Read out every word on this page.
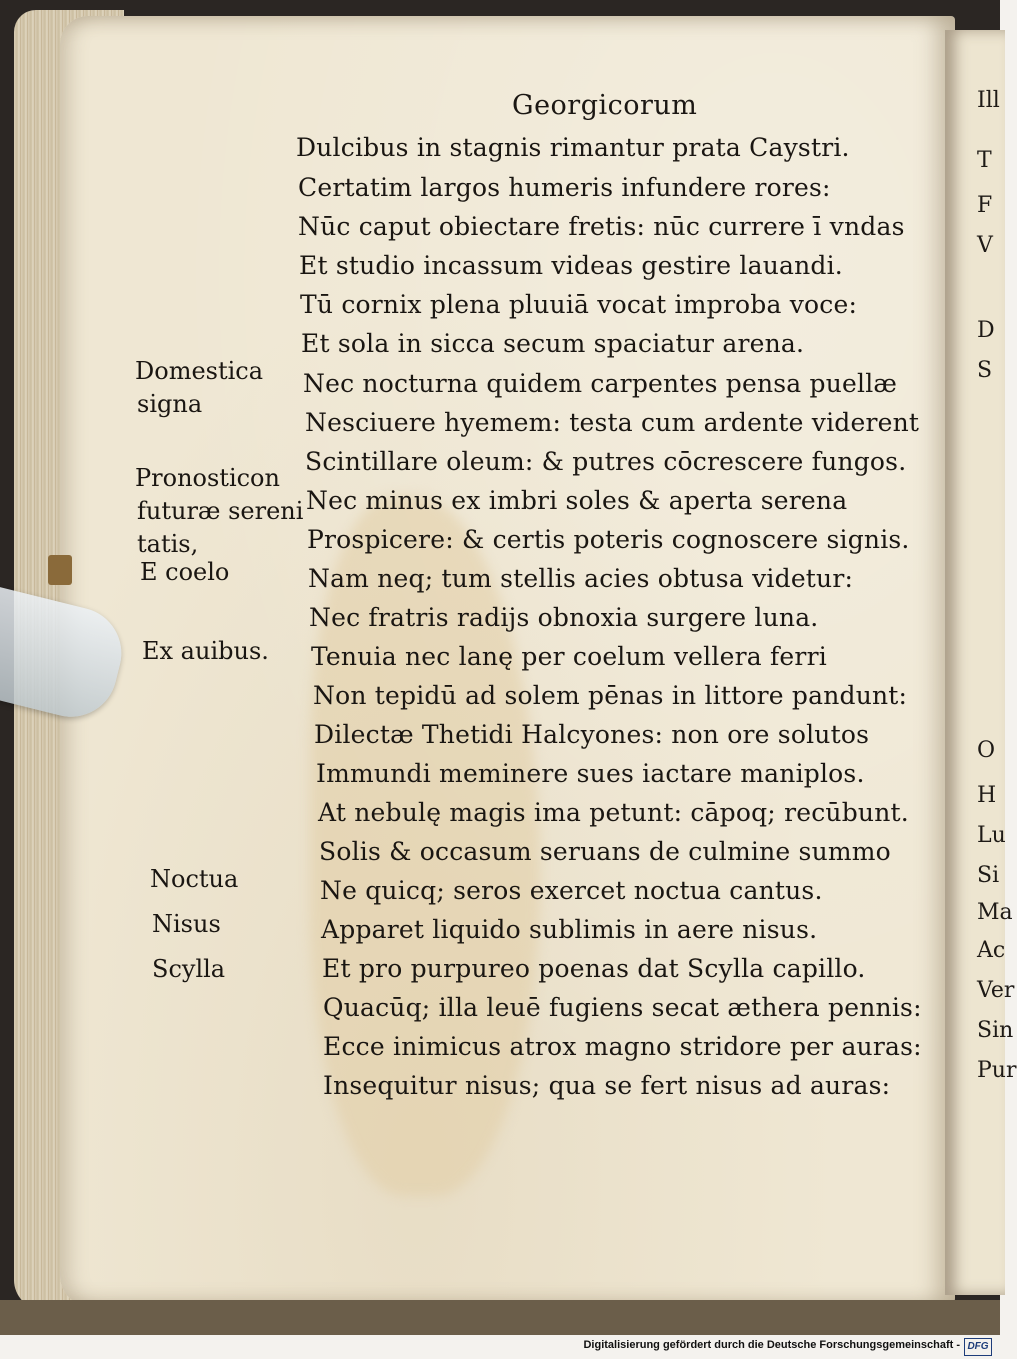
Ill
T
F
V
D
S
O
H
Lu
Si
Ma
Ac
Ver
Sin
Pur
Georgicorum
Dulcibus in stagnis rimantur prata Caystri.
Certatim largos humeris infundere rores:
Nūc caput obiectare fretis: nūc currere ī vndas
Et studio incassum videas gestire lauandi.
Tū cornix plena pluuiā vocat improba voce:
Et sola in sicca secum spaciatur arena.
Nec nocturna quidem carpentes pensa puellæ
Nesciuere hyemem: testa cum ardente viderent
Scintillare oleum: & putres cōcrescere fungos.
Nec minus ex imbri soles & aperta serena
Prospicere: & certis poteris cognoscere signis.
Nam neq; tum stellis acies obtusa videtur:
Nec fratris radijs obnoxia surgere luna.
Tenuia nec lanę per coelum vellera ferri
Non tepidū ad solem pēnas in littore pandunt:
Dilectæ Thetidi Halcyones: non ore solutos
Immundi meminere sues iactare maniplos.
At nebulę magis ima petunt: cāpoq; recūbunt.
Solis & occasum seruans de culmine summo
Ne quicq; seros exercet noctua cantus.
Apparet liquido sublimis in aere nisus.
Et pro purpureo poenas dat Scylla capillo.
Quacūq; illa leuē fugiens secat æthera pennis:
Ecce inimicus atrox magno stridore per auras:
Insequitur nisus; qua se fert nisus ad auras:
Domestica
signa
Pronosticon
futuræ sereni
tatis,
E coelo
Ex auibus.
Noctua
Nisus
Scylla
Digitalisierung gefördert durch die Deutsche Forschungsgemeinschaft - DFG
